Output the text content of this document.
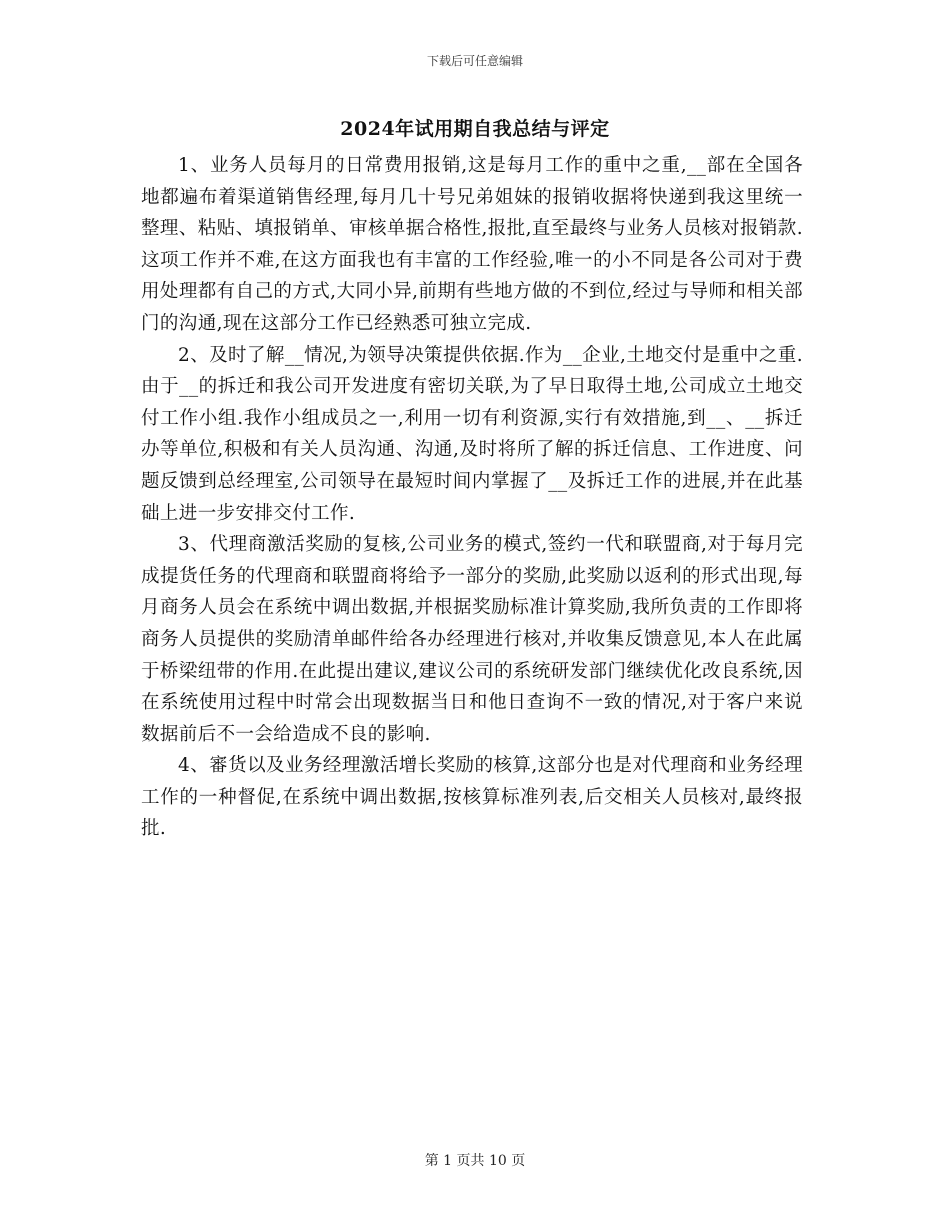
下载后可任意编辑
2024年试用期自我总结与评定

1、业务人员每月的日常费用报销,这是每月工作的重中之重,__部在全国各地都遍布着渠道销售经理,每月几十号兄弟姐妹的报销收据将快递到我这里统一整理、粘贴、填报销单、审核单据合格性,报批,直至最终与业务人员核对报销款.这项工作并不难,在这方面我也有丰富的工作经验,唯一的小不同是各公司对于费用处理都有自己的方式,大同小异,前期有些地方做的不到位,经过与导师和相关部门的沟通,现在这部分工作已经熟悉可独立完成.

2、及时了解__情况,为领导决策提供依据.作为__企业,土地交付是重中之重.由于__的拆迁和我公司开发进度有密切关联,为了早日取得土地,公司成立土地交付工作小组.我作小组成员之一,利用一切有利资源,实行有效措施,到__、__拆迁办等单位,积极和有关人员沟通、沟通,及时将所了解的拆迁信息、工作进度、问题反馈到总经理室,公司领导在最短时间内掌握了__及拆迁工作的进展,并在此基础上进一步安排交付工作.

3、代理商激活奖励的复核,公司业务的模式,签约一代和联盟商,对于每月完成提货任务的代理商和联盟商将给予一部分的奖励,此奖励以返利的形式出现,每月商务人员会在系统中调出数据,并根据奖励标准计算奖励,我所负责的工作即将商务人员提供的奖励清单邮件给各办经理进行核对,并收集反馈意见,本人在此属于桥梁纽带的作用.在此提出建议,建议公司的系统研发部门继续优化改良系统,因在系统使用过程中时常会出现数据当日和他日查询不一致的情况,对于客户来说数据前后不一会给造成不良的影响.

4、審货以及业务经理激活增长奖励的核算,这部分也是对代理商和业务经理工作的一种督促,在系统中调出数据,按核算标准列表,后交相关人员核对,最终报批.

第 1 页共 10 页
